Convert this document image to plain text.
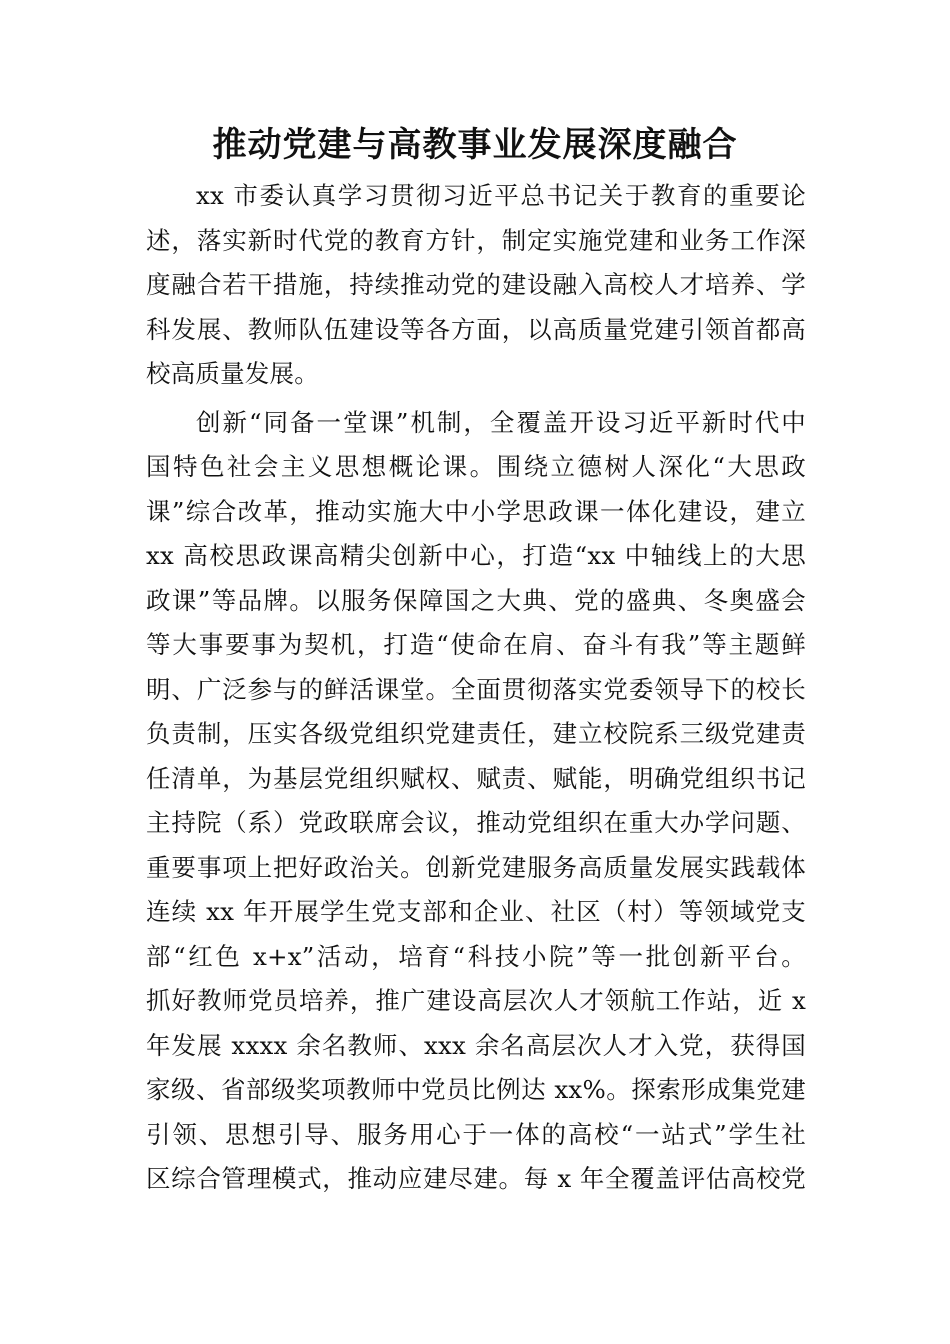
推动党建与高教事业发展深度融合
xx 市委认真学习贯彻习近平总书记关于教育的重要论
述，落实新时代党的教育方针，制定实施党建和业务工作深
度融合若干措施，持续推动党的建设融入高校人才培养、学
科发展、教师队伍建设等各方面，以高质量党建引领首都高
校高质量发展。
创新“同备一堂课”机制，全覆盖开设习近平新时代中
国特色社会主义思想概论课。围绕立德树人深化“大思政
课”综合改革，推动实施大中小学思政课一体化建设，建立
xx 高校思政课高精尖创新中心，打造“xx 中轴线上的大思
政课”等品牌。以服务保障国之大典、党的盛典、冬奥盛会
等大事要事为契机，打造“使命在肩、奋斗有我”等主题鲜
明、广泛参与的鲜活课堂。全面贯彻落实党委领导下的校长
负责制，压实各级党组织党建责任，建立校院系三级党建责
任清单，为基层党组织赋权、赋责、赋能，明确党组织书记
主持院（系）党政联席会议，推动党组织在重大办学问题、
重要事项上把好政治关。创新党建服务高质量发展实践载体
连续 xx 年开展学生党支部和企业、社区（村）等领域党支
部“红色 x+x”活动，培育“科技小院”等一批创新平台。
抓好教师党员培养，推广建设高层次人才领航工作站，近 x
年发展 xxxx 余名教师、xxx 余名高层次人才入党，获得国
家级、省部级奖项教师中党员比例达 xx%。探索形成集党建
引领、思想引导、服务用心于一体的高校“一站式”学生社
区综合管理模式，推动应建尽建。每 x 年全覆盖评估高校党
